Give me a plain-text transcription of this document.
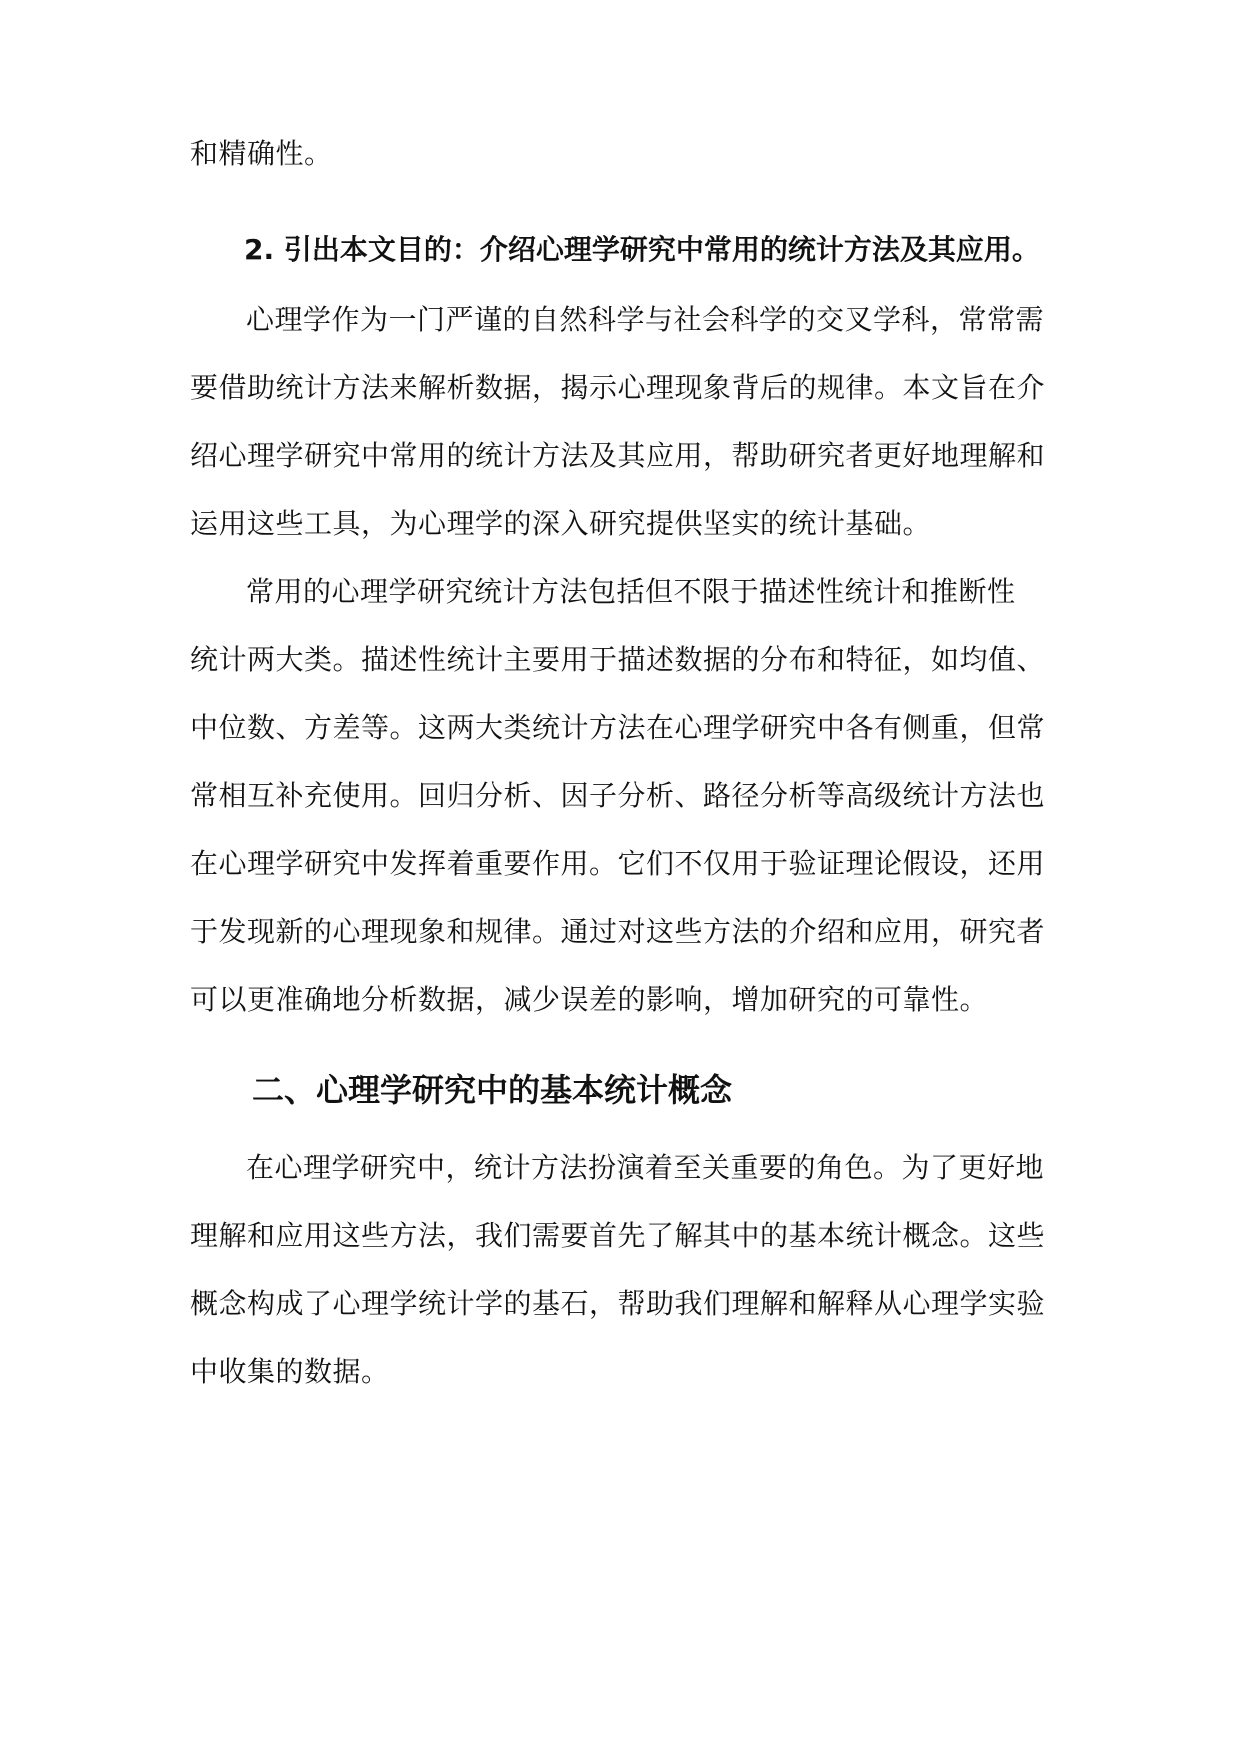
和精确性。
2. 引出本文目的：介绍心理学研究中常用的统计方法及其应用。
心理学作为一门严谨的自然科学与社会科学的交叉学科，常常需
要借助统计方法来解析数据，揭示心理现象背后的规律。本文旨在介
绍心理学研究中常用的统计方法及其应用，帮助研究者更好地理解和
运用这些工具，为心理学的深入研究提供坚实的统计基础。
常用的心理学研究统计方法包括但不限于描述性统计和推断性
统计两大类。描述性统计主要用于描述数据的分布和特征，如均值、
中位数、方差等。这两大类统计方法在心理学研究中各有侧重，但常
常相互补充使用。回归分析、因子分析、路径分析等高级统计方法也
在心理学研究中发挥着重要作用。它们不仅用于验证理论假设，还用
于发现新的心理现象和规律。通过对这些方法的介绍和应用，研究者
可以更准确地分析数据，减少误差的影响，增加研究的可靠性。
二、心理学研究中的基本统计概念
在心理学研究中，统计方法扮演着至关重要的角色。为了更好地
理解和应用这些方法，我们需要首先了解其中的基本统计概念。这些
概念构成了心理学统计学的基石，帮助我们理解和解释从心理学实验
中收集的数据。
